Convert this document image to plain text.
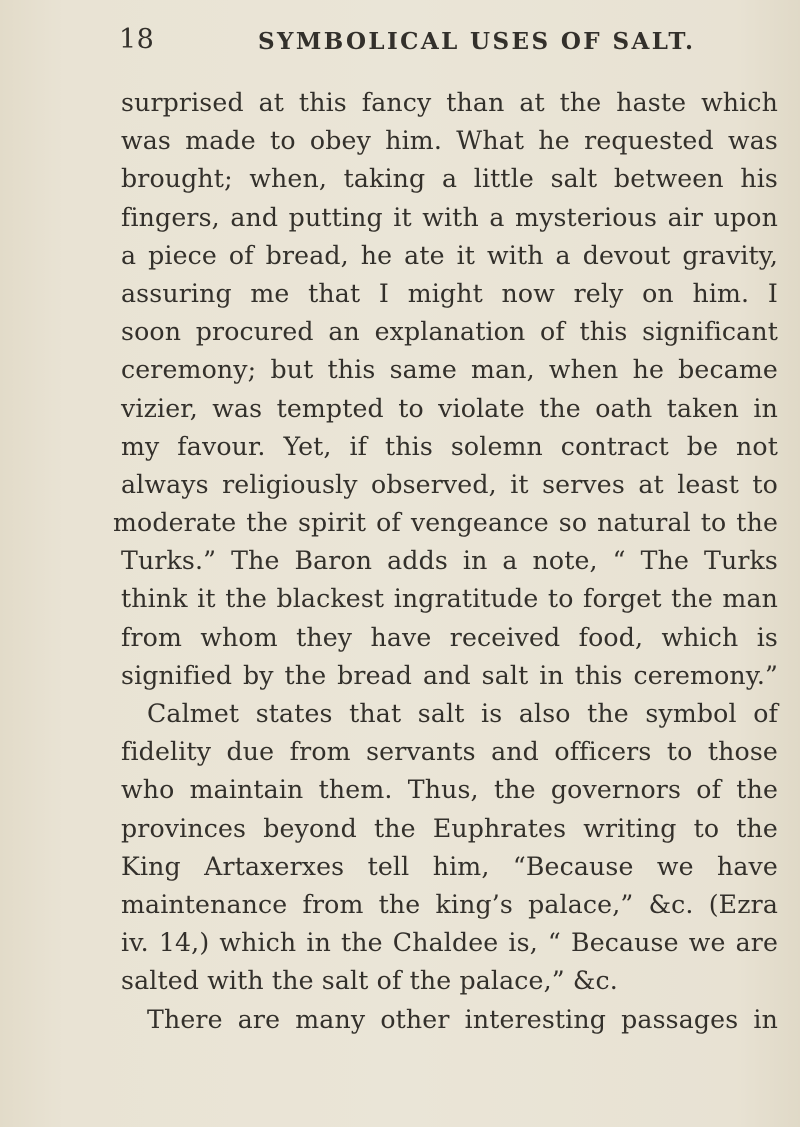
18	SYMBOLICAL USES OF SALT.
surprised at this fancy than at the haste which
was made to obey him. What he requested was
brought; when, taking a little salt between his
fingers, and putting it with a mysterious air upon
a piece of bread, he ate it with a devout gravity,
assuring me that I might now rely on him. I
soon procured an explanation of this significant
ceremony; but this same man, when he became
vizier, was tempted to violate the oath taken in
my favour. Yet, if this solemn contract be not
always religiously observed, it serves at least to
moderate the spirit of vengeance so natural to the
Turks.” The Baron adds in a note, “ The Turks
think it the blackest ingratitude to forget the man
from whom they have received food, which is
signified by the bread and salt in this ceremony.”
Calmet states that salt is also the symbol of
fidelity due from servants and officers to those
who maintain them. Thus, the governors of the
provinces beyond the Euphrates writing to the
King Artaxerxes tell him, “Because we have
maintenance from the king’s palace,” &c. (Ezra
iv. 14,) which in the Chaldee is, “ Because we are
salted with the salt of the palace,” &c.
There are many other interesting passages in
